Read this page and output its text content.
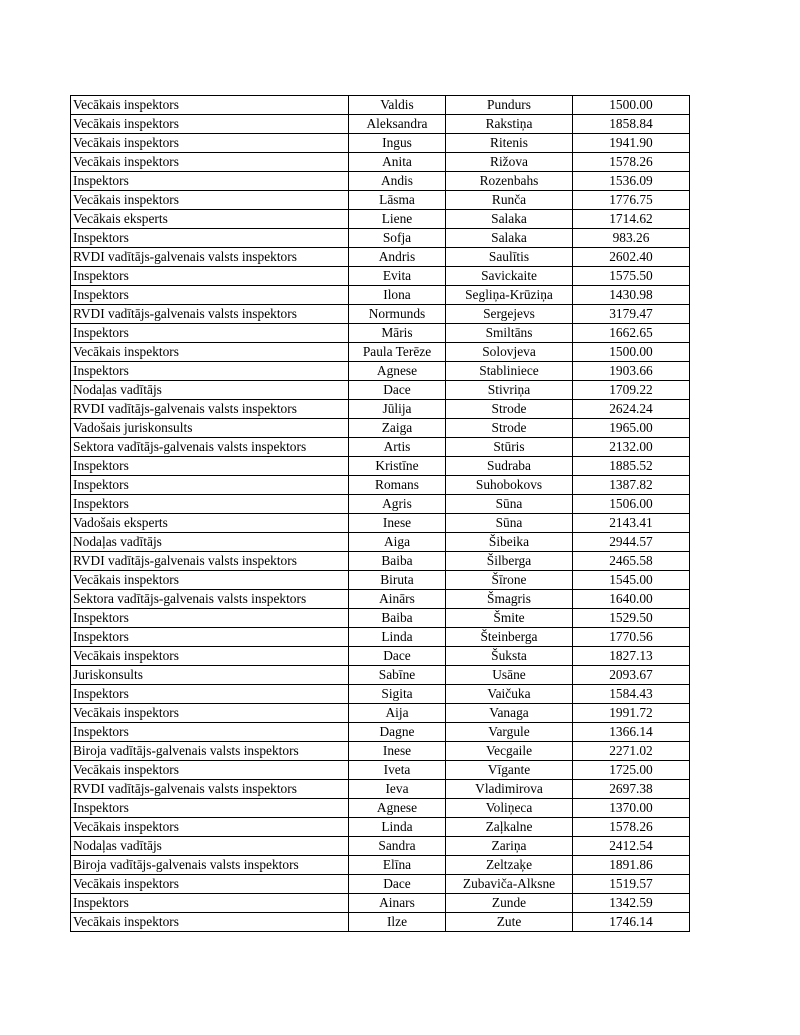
Vecākais inspektors	Valdis	Pundurs	1500.00
Vecākais inspektors	Aleksandra	Rakstiņa	1858.84
Vecākais inspektors	Ingus	Ritenis	1941.90
Vecākais inspektors	Anita	Rižova	1578.26
Inspektors	Andis	Rozenbahs	1536.09
Vecākais inspektors	Lāsma	Runča	1776.75
Vecākais eksperts	Liene	Salaka	1714.62
Inspektors	Sofja	Salaka	983.26
RVDI vadītājs-galvenais valsts inspektors	Andris	Saulītis	2602.40
Inspektors	Evita	Savickaite	1575.50
Inspektors	Ilona	Segliņa-Krūziņa	1430.98
RVDI vadītājs-galvenais valsts inspektors	Normunds	Sergejevs	3179.47
Inspektors	Māris	Smiltāns	1662.65
Vecākais inspektors	Paula Terēze	Solovjeva	1500.00
Inspektors	Agnese	Stabliniece	1903.66
Nodaļas vadītājs	Dace	Stivriņa	1709.22
RVDI vadītājs-galvenais valsts inspektors	Jūlija	Strode	2624.24
Vadošais juriskonsults	Zaiga	Strode	1965.00
Sektora vadītājs-galvenais valsts inspektors	Artis	Stūris	2132.00
Inspektors	Kristīne	Sudraba	1885.52
Inspektors	Romans	Suhobokovs	1387.82
Inspektors	Agris	Sūna	1506.00
Vadošais eksperts	Inese	Sūna	2143.41
Nodaļas vadītājs	Aiga	Šibeika	2944.57
RVDI vadītājs-galvenais valsts inspektors	Baiba	Šilberga	2465.58
Vecākais inspektors	Biruta	Šīrone	1545.00
Sektora vadītājs-galvenais valsts inspektors	Ainārs	Šmagris	1640.00
Inspektors	Baiba	Šmite	1529.50
Inspektors	Linda	Šteinberga	1770.56
Vecākais inspektors	Dace	Šuksta	1827.13
Juriskonsults	Sabīne	Usāne	2093.67
Inspektors	Sigita	Vaičuka	1584.43
Vecākais inspektors	Aija	Vanaga	1991.72
Inspektors	Dagne	Vargule	1366.14
Biroja vadītājs-galvenais valsts inspektors	Inese	Vecgaile	2271.02
Vecākais inspektors	Iveta	Vīgante	1725.00
RVDI vadītājs-galvenais valsts inspektors	Ieva	Vladimirova	2697.38
Inspektors	Agnese	Voliņeca	1370.00
Vecākais inspektors	Linda	Zaļkalne	1578.26
Nodaļas vadītājs	Sandra	Zariņa	2412.54
Biroja vadītājs-galvenais valsts inspektors	Elīna	Zeltzaķe	1891.86
Vecākais inspektors	Dace	Zubaviča-Alksne	1519.57
Inspektors	Ainars	Zunde	1342.59
Vecākais inspektors	Ilze	Zute	1746.14
